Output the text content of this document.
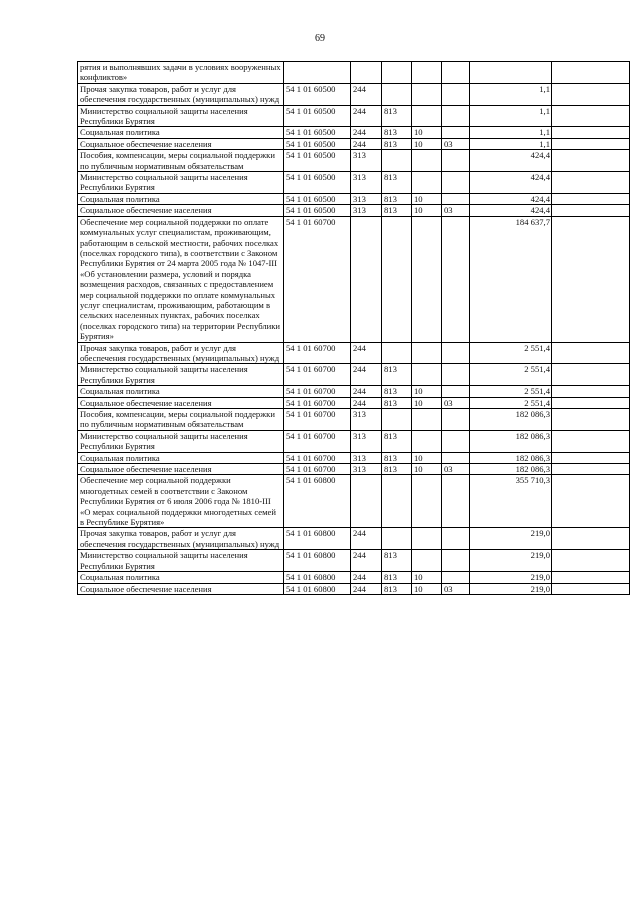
69
рятия и выполнявших задачи в условиях вооруженных конфликтов»							
Прочая закупка товаров, работ и услуг для обеспечения государственных (муниципальных) нужд	54 1 01 60500	244				1,1	
Министерство социальной защиты населения Республики Бурятия	54 1 01 60500	244	813			1,1	
Социальная политика	54 1 01 60500	244	813	10		1,1	
Социальное обеспечение населения	54 1 01 60500	244	813	10	03	1,1	
Пособия, компенсации, меры социальной поддержки по публичным нормативным обязательствам	54 1 01 60500	313				424,4	
Министерство социальной защиты населения Республики Бурятия	54 1 01 60500	313	813			424,4	
Социальная политика	54 1 01 60500	313	813	10		424,4	
Социальное обеспечение населения	54 1 01 60500	313	813	10	03	424,4	
Обеспечение мер социальной поддержки по оплате коммунальных услуг специалистам, проживающим, работающим в сельской местности, рабочих поселках (поселках городского типа), в соответствии с Законом Республики Бурятия от 24 марта 2005 года № 1047-III «Об установлении размера, условий и порядка возмещения расходов, связанных с предоставлением мер социальной поддержки по оплате коммунальных услуг специалистам, проживающим, работающим в сельских населенных пунктах, рабочих поселках (поселках городского типа) на территории Республики Бурятия»	54 1 01 60700					184 637,7	
Прочая закупка товаров, работ и услуг для обеспечения государственных (муниципальных) нужд	54 1 01 60700	244				2 551,4	
Министерство социальной защиты населения Республики Бурятия	54 1 01 60700	244	813			2 551,4	
Социальная политика	54 1 01 60700	244	813	10		2 551,4	
Социальное обеспечение населения	54 1 01 60700	244	813	10	03	2 551,4	
Пособия, компенсации, меры социальной поддержки по публичным нормативным обязательствам	54 1 01 60700	313				182 086,3	
Министерство социальной защиты населения Республики Бурятия	54 1 01 60700	313	813			182 086,3	
Социальная политика	54 1 01 60700	313	813	10		182 086,3	
Социальное обеспечение населения	54 1 01 60700	313	813	10	03	182 086,3	
Обеспечение мер социальной поддержки многодетных семей в соответствии с Законом Республики Бурятия от 6 июля 2006 года № 1810-III «О мерах социальной поддержки многодетных семей в Республике Бурятия»	54 1 01 60800					355 710,3	
Прочая закупка товаров, работ и услуг для обеспечения государственных (муниципальных) нужд	54 1 01 60800	244				219,0	
Министерство социальной защиты населения Республики Бурятия	54 1 01 60800	244	813			219,0	
Социальная политика	54 1 01 60800	244	813	10		219,0	
Социальное обеспечение населения	54 1 01 60800	244	813	10	03	219,0	
